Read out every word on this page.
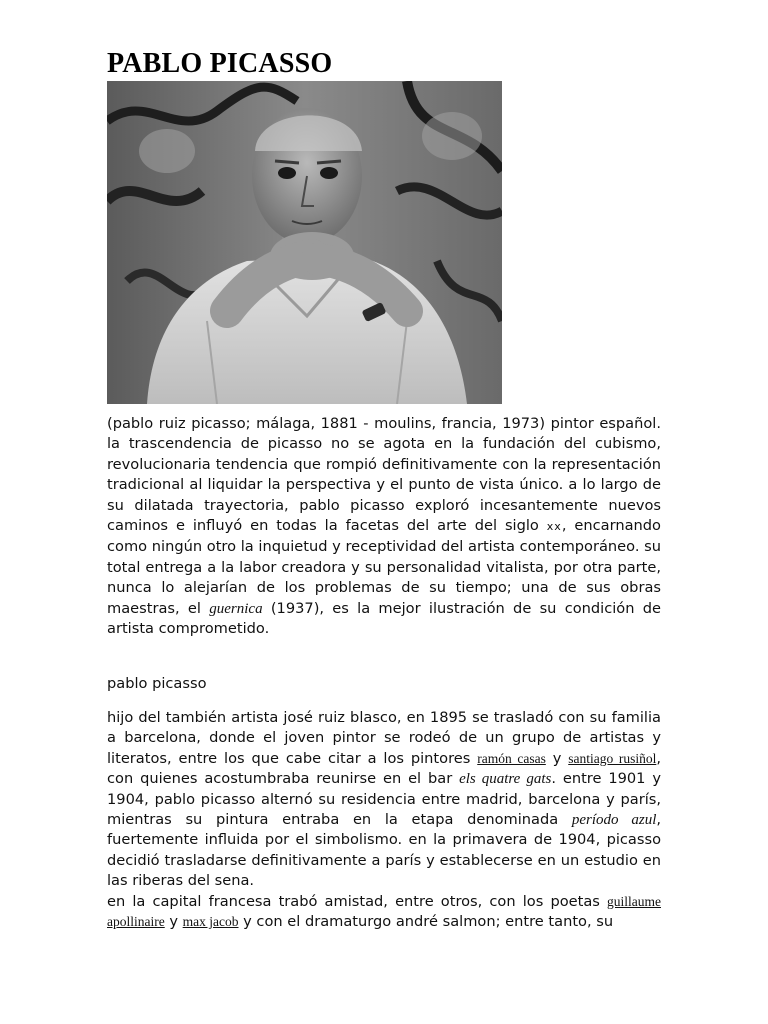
PABLO PICASSO

(pablo ruiz picasso; málaga, 1881 - moulins, francia, 1973) pintor español. la trascendencia de picasso no se agota en la fundación del cubismo, revolucionaria tendencia que rompió definitivamente con la representación tradicional al liquidar la perspectiva y el punto de vista único. a lo largo de su dilatada trayectoria, pablo picasso exploró incesantemente nuevos caminos e influyó en todas la facetas del arte del siglo xx, encarnando como ningún otro la inquietud y receptividad del artista contemporáneo. su total entrega a la labor creadora y su personalidad vitalista, por otra parte, nunca lo alejarían de los problemas de su tiempo; una de sus obras maestras, el guernica (1937), es la mejor ilustración de su condición de artista comprometido.

pablo picasso

hijo del también artista josé ruiz blasco, en 1895 se trasladó con su familia a barcelona, donde el joven pintor se rodeó de un grupo de artistas y literatos, entre los que cabe citar a los pintores ramón casas y santiago rusiñol, con quienes acostumbraba reunirse en el bar els quatre gats. entre 1901 y 1904, pablo picasso alternó su residencia entre madrid, barcelona y parís, mientras su pintura entraba en la etapa denominada período azul, fuertemente influida por el simbolismo. en la primavera de 1904, picasso decidió trasladarse definitivamente a parís y establecerse en un estudio en las riberas del sena.

en la capital francesa trabó amistad, entre otros, con los poetas guillaume apollinaire y max jacob y con el dramaturgo andré salmon; entre tanto, su
